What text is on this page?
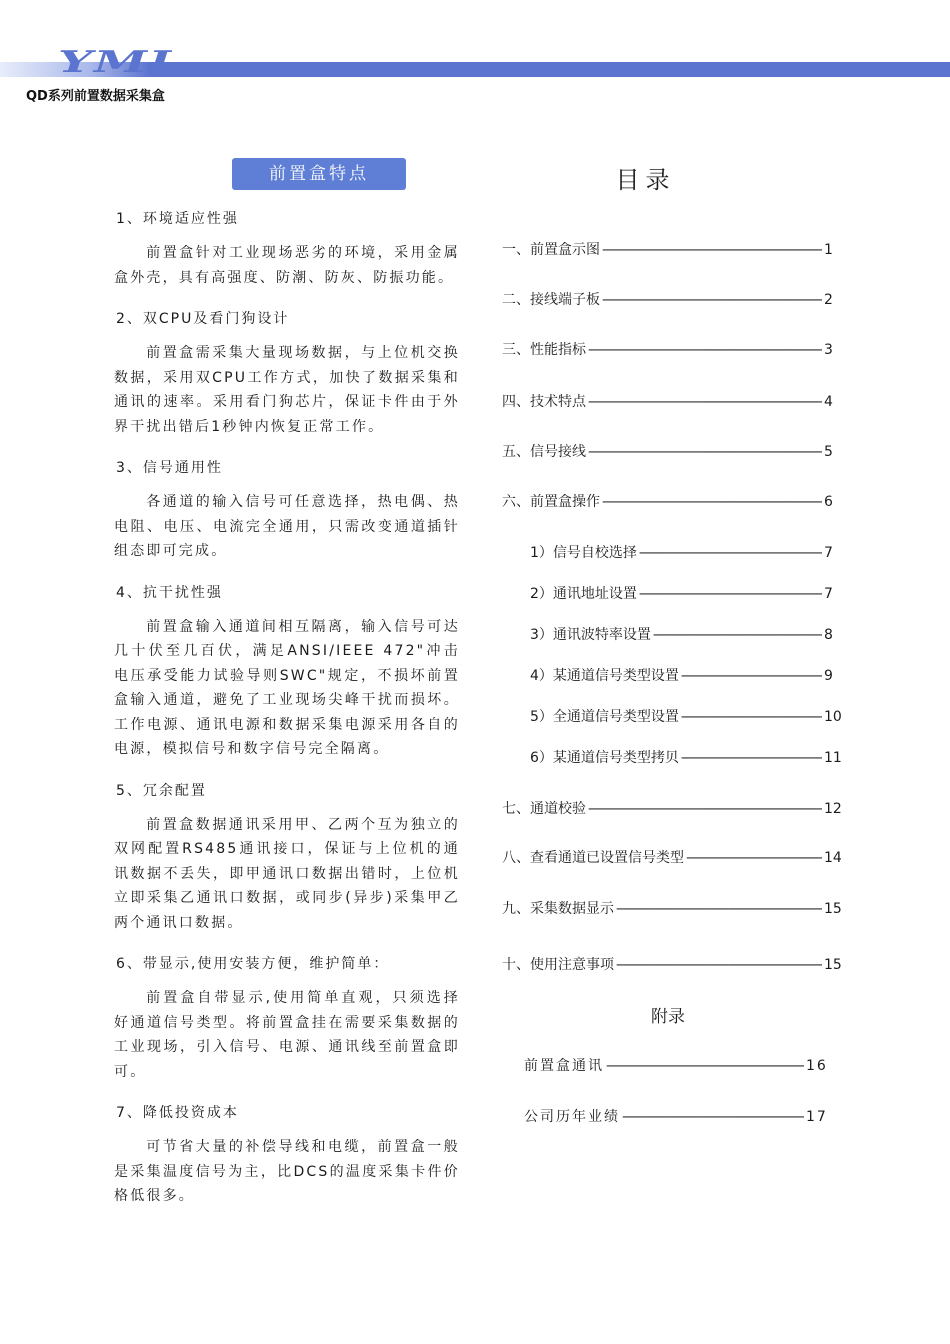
YMI
QD系列前置数据采集盒
前置盒特点
1、环境适应性强
前置盒针对工业现场恶劣的环境，采用金属盒外壳，具有高强度、防潮、防灰、防振功能。
2、双CPU及看门狗设计
前置盒需采集大量现场数据，与上位机交换数据，采用双CPU工作方式，加快了数据采集和通讯的速率。采用看门狗芯片，保证卡件由于外界干扰出错后1秒钟内恢复正常工作。
3、信号通用性
各通道的输入信号可任意选择，热电偶、热电阻、电压、电流完全通用，只需改变通道插针组态即可完成。
4、抗干扰性强
前置盒输入通道间相互隔离，输入信号可达几十伏至几百伏，满足ANSI/IEEE 472"冲击电压承受能力试验导则SWC"规定，不损坏前置盒输入通道，避免了工业现场尖峰干扰而损坏。工作电源、通讯电源和数据采集电源采用各自的电源，模拟信号和数字信号完全隔离。
5、冗余配置
前置盒数据通讯采用甲、乙两个互为独立的双网配置RS485通讯接口，保证与上位机的通讯数据不丢失，即甲通讯口数据出错时，上位机立即采集乙通讯口数据，或同步(异步)采集甲乙两个通讯口数据。
6、带显示,使用安装方便，维护简单：
前置盒自带显示,使用简单直观，只须选择好通道信号类型。将前置盒挂在需要采集数据的工业现场，引入信号、电源、通讯线至前置盒即可。
7、降低投资成本
可节省大量的补偿导线和电缆，前置盒一般是采集温度信号为主，比DCS的温度采集卡件价格低很多。
目录
一、前置盒示图 - - -	1
二、接线端子板 - - -	2
三、性能指标 - - -	3
四、技术特点 - - -	4
五、信号接线 - - -	5
六、前置盒操作 - - -	6
1）信号自校选择 - - -	7
2）通讯地址设置 - - -	7
3）通讯波特率设置 - - -	8
4）某通道信号类型设置 - - -	9
5）全通道信号类型设置 - - -	10
6）某通道信号类型拷贝 - - -	11
七、通道校验 - - -	12
八、查看通道已设置信号类型 - - -	14
九、采集数据显示 - - -	15
十、使用注意事项 - - -	15
附录
前置盒通讯 - - -	16
公司历年业绩 - - -	17
